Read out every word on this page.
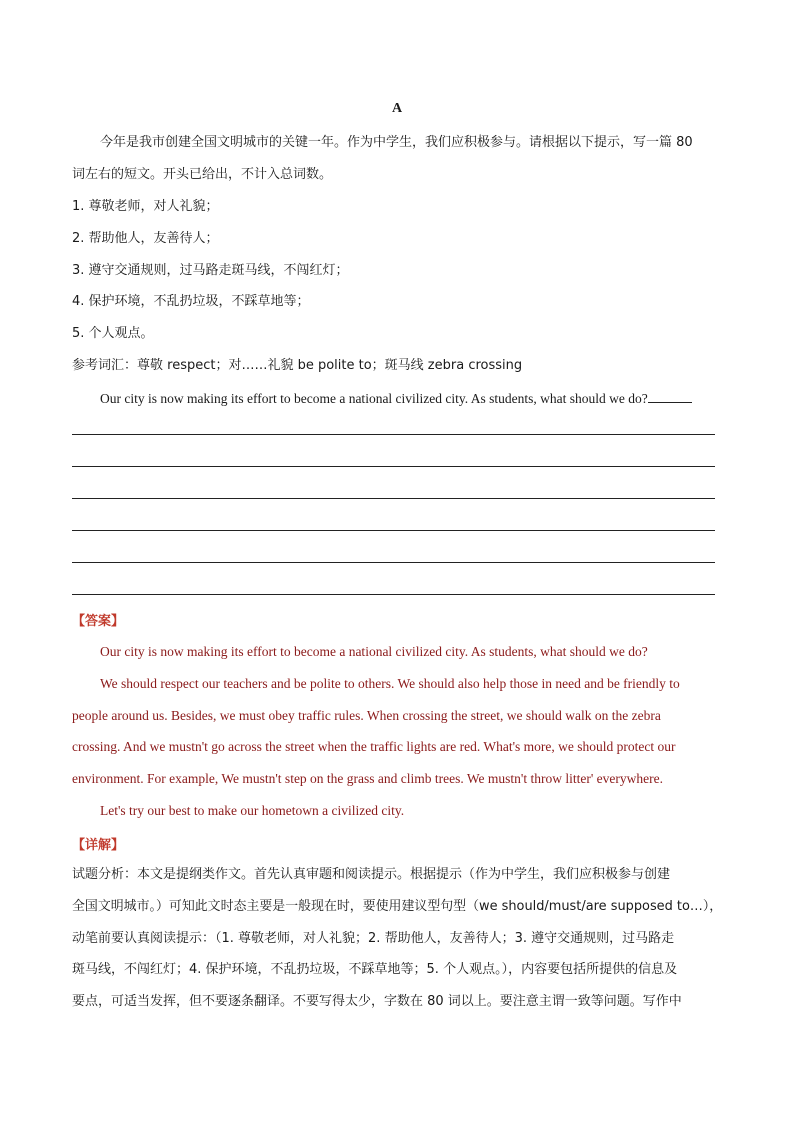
A
今年是我市创建全国文明城市的关键一年。作为中学生，我们应积极参与。请根据以下提示，写一篇 80
词左右的短文。开头已给出，不计入总词数。
1. 尊敬老师，对人礼貌；
2. 帮助他人，友善待人；
3. 遵守交通规则，过马路走斑马线，不闯红灯；
4. 保护环境，不乱扔垃圾，不踩草地等；
5. 个人观点。
参考词汇：尊敬 respect；对……礼貌 be polite to；斑马线 zebra crossing
Our city is now making its effort to become a national civilized city. As students, what should we do?
【答案】
Our city is now making its effort to become a national civilized city. As students, what should we do?
We should respect our teachers and be polite to others. We should also help those in need and be friendly to
people around us. Besides, we must obey traffic rules. When crossing the street, we should walk on the zebra
crossing. And we mustn't go across the street when the traffic lights are red. What's more, we should protect our
environment. For example, We mustn't step on the grass and climb trees. We mustn't throw litter' everywhere.
Let's try our best to make our hometown a civilized city.
【详解】
试题分析：本文是提纲类作文。首先认真审题和阅读提示。根据提示（作为中学生，我们应积极参与创建
全国文明城市。）可知此文时态主要是一般现在时，要使用建议型句型（we should/must/are supposed to…），
动笔前要认真阅读提示：（1. 尊敬老师，对人礼貌；2. 帮助他人，友善待人；3. 遵守交通规则，过马路走
斑马线，不闯红灯；4. 保护环境，不乱扔垃圾，不踩草地等；5. 个人观点。），内容要包括所提供的信息及
要点，可适当发挥，但不要逐条翻译。不要写得太少，字数在 80 词以上。要注意主谓一致等问题。写作中
